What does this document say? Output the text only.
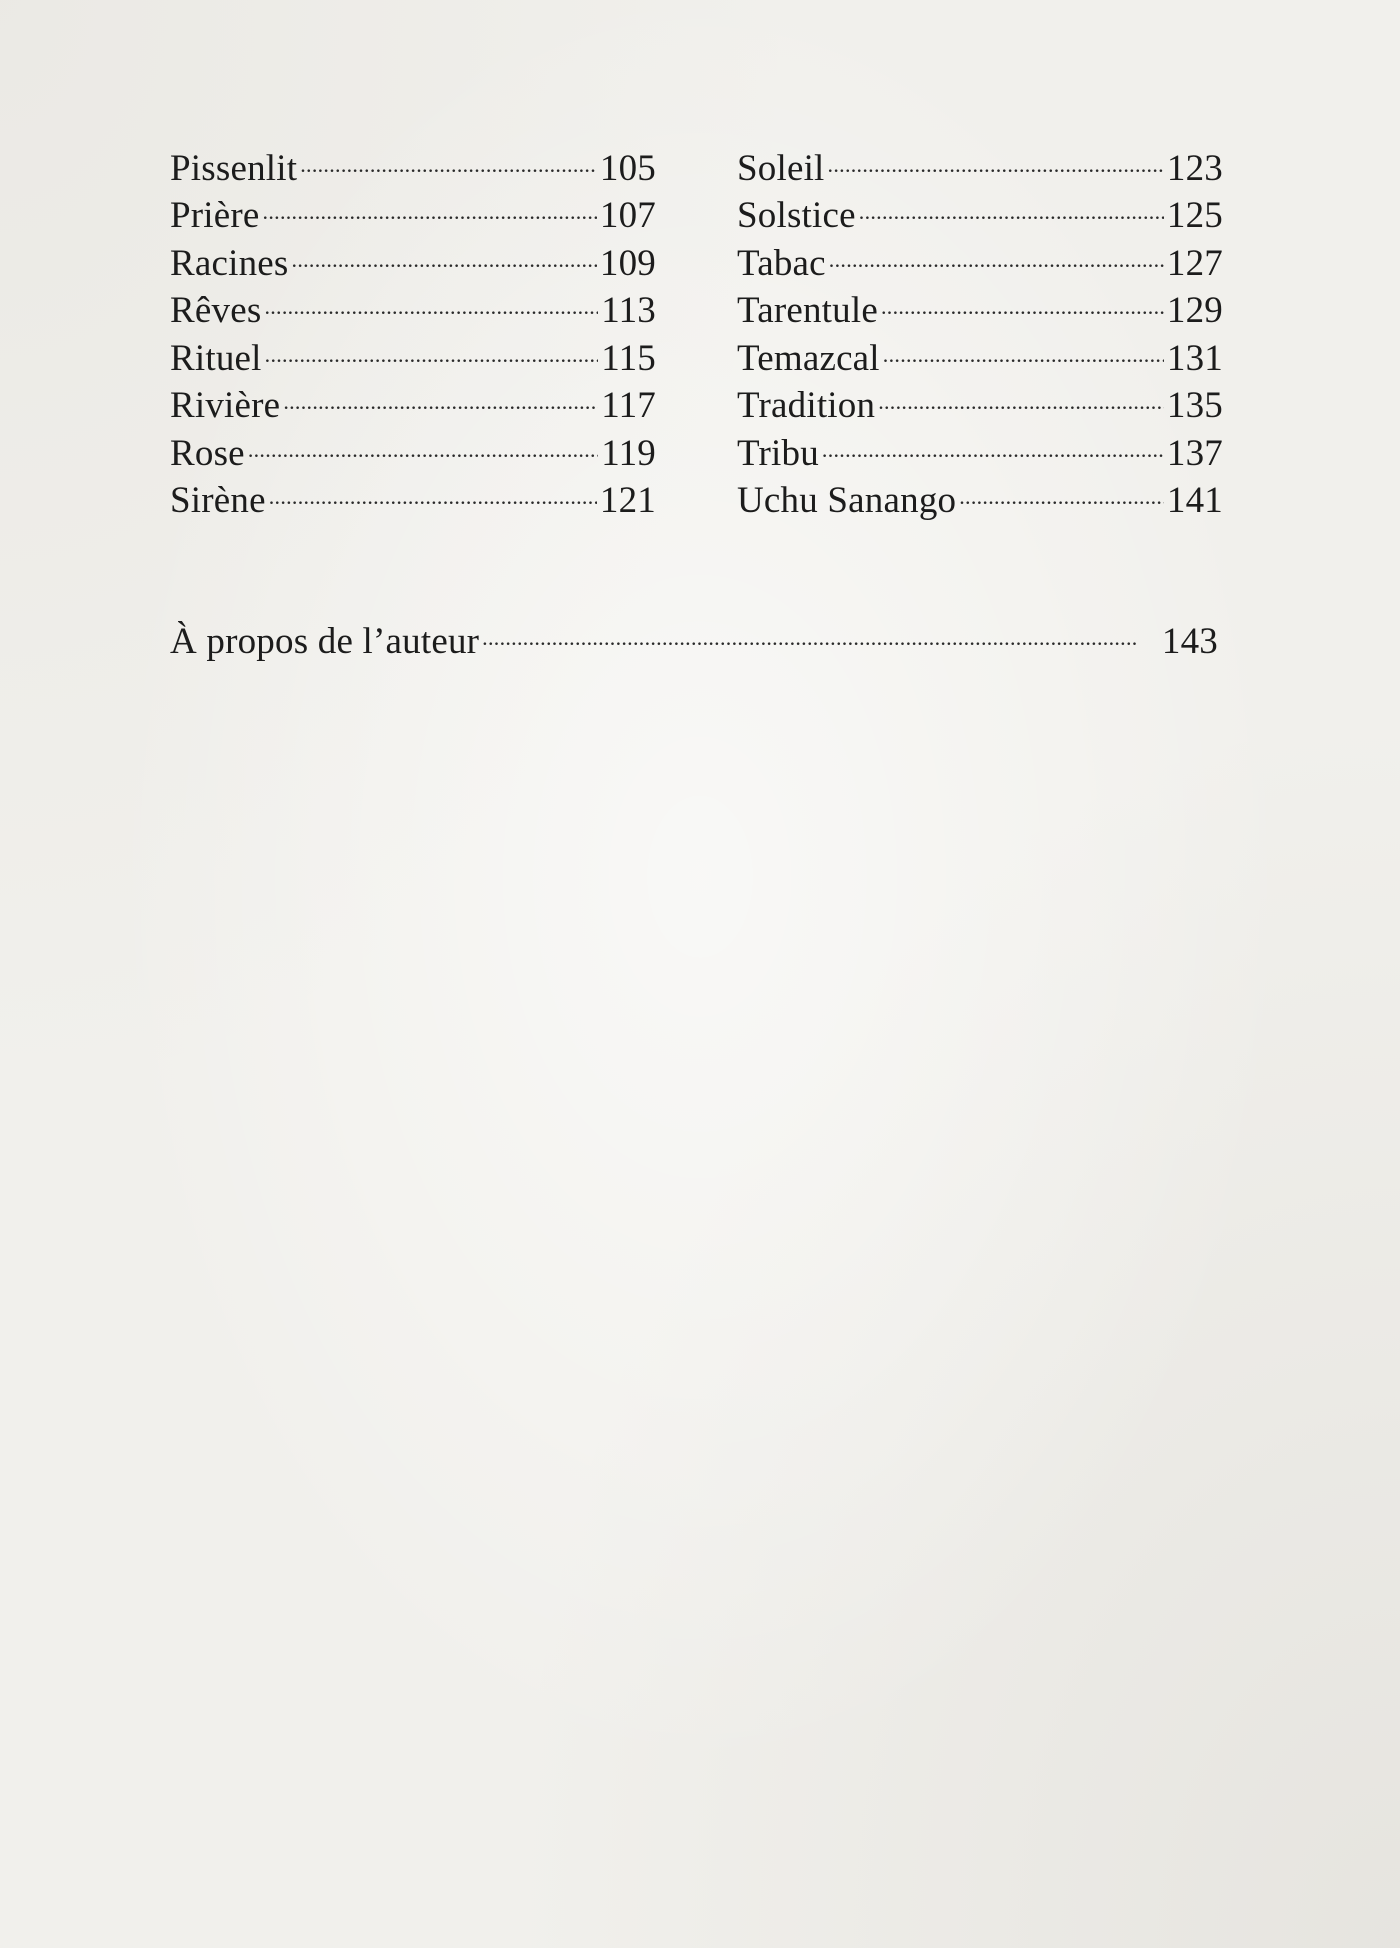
Pissenlit . . .	105
Prière . . .	107
Racines . . .	109
Rêves . . .	113
Rituel . . .	115
Rivière . . .	117
Rose . . .	119
Sirène . . .	121
Soleil . . .	123
Solstice . . .	125
Tabac . . .	127
Tarentule . . .	129
Temazcal . . .	131
Tradition . . .	135
Tribu . . .	137
Uchu Sanango . . .	141
À propos de l’auteur . . .	143
